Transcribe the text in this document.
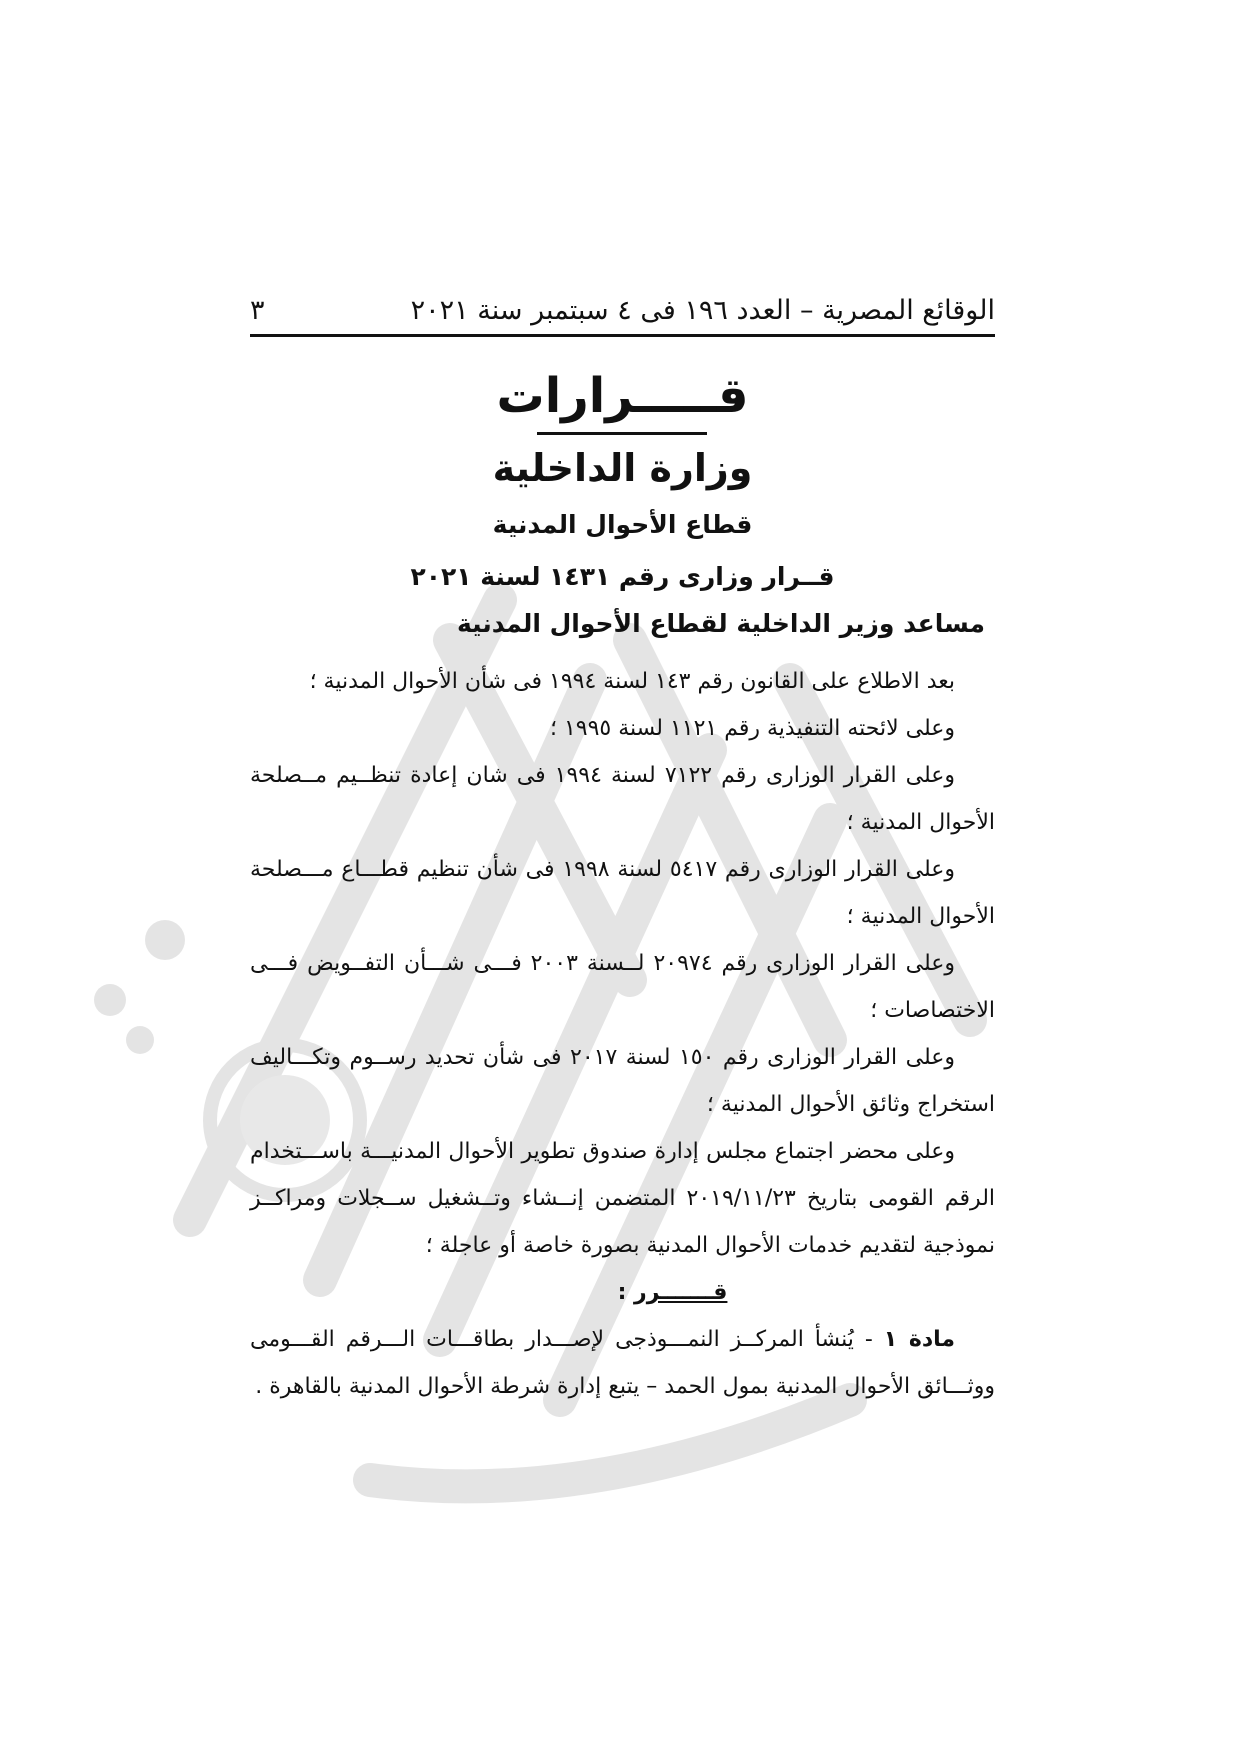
الوقائع المصرية – العدد ١٩٦ فى ٤ سبتمبر سنة ٢٠٢١
٣
قـــــرارات
وزارة الداخلية
قطاع الأحوال المدنية
قــرار وزارى رقم ١٤٣١ لسنة ٢٠٢١
مساعد وزير الداخلية لقطاع الأحوال المدنية

بعد الاطلاع على القانون رقم ١٤٣ لسنة ١٩٩٤ فى شأن الأحوال المدنية ؛

وعلى لائحته التنفيذية رقم ١١٢١ لسنة ١٩٩٥ ؛

وعلى القرار الوزارى رقم ٧١٢٢ لسنة ١٩٩٤ فى شان إعادة تنظــيم مــصلحة الأحوال المدنية ؛

وعلى القرار الوزارى رقم ٥٤١٧ لسنة ١٩٩٨ فى شأن تنظيم قطـــاع مـــصلحة الأحوال المدنية ؛

وعلى القرار الوزارى رقم ٢٠٩٧٤ لــسنة ٢٠٠٣ فـــى شـــأن التفــويض فـــى الاختصاصات ؛

وعلى القرار الوزارى رقم ١٥٠ لسنة ٢٠١٧ فى شأن تحديد رســوم وتكـــاليف استخراج وثائق الأحوال المدنية ؛

وعلى محضر اجتماع مجلس إدارة صندوق تطوير الأحوال المدنيـــة باســـتخدام الرقم القومى بتاريخ ٢٠١٩/١١/٢٣ المتضمن إنــشاء وتــشغيل ســجلات ومراكــز نموذجية لتقديم خدمات الأحوال المدنية بصورة خاصة أو عاجلة ؛

قـــــــرر :

مادة ١ - يُنشأ المركــز النمـــوذجى لإصـــدار بطاقـــات الـــرقم القـــومى ووثـــائق الأحوال المدنية بمول الحمد – يتبع إدارة شرطة الأحوال المدنية بالقاهرة .
